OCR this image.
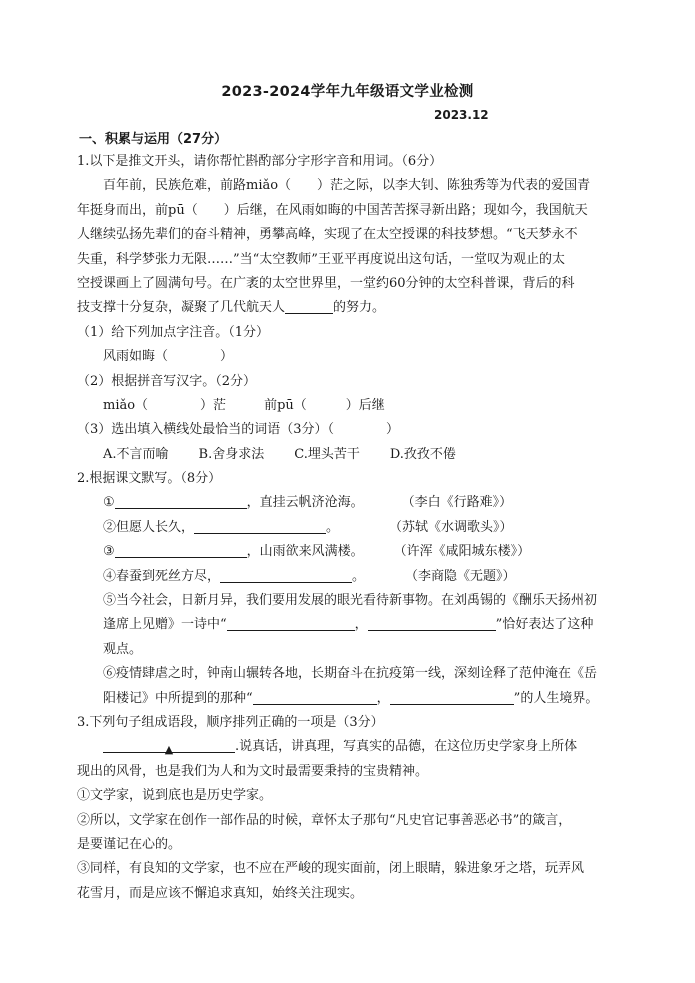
2023-2024学年九年级语文学业检测
2023.12
一、积累与运用（27分）
1.以下是推文开头，请你帮忙斟酌部分字形字音和用词。（6分）
百年前，民族危难，前路miǎo（　　）茫之际，以李大钊、陈独秀等为代表的爱国青
年挺身而出，前pū（　　）后继，在风雨如晦的中国苦苦探寻新出路；现如今，我国航天
人继续弘扬先辈们的奋斗精神，勇攀高峰，实现了在太空授课的科技梦想。“飞天梦永不
失重，科学梦张力无限……”当“太空教师”王亚平再度说出这句话，一堂叹为观止的太
空授课画上了圆满句号。在广袤的太空世界里，一堂约60分钟的太空科普课，背后的科
技支撑十分复杂，凝聚了几代航天人	的努力。
（1）给下列加点字注音。（1分）
风雨如晦（　　　　）
（2）根据拼音写汉字。（2分）
miǎo（　　　　）茫	前pū（　　　）后继
（3）选出填入横线处最恰当的词语（3分）（　　　　）
A.不言而喻 B.舍身求法 C.埋头苦干 D.孜孜不倦
2.根据课文默写。（8分）
①	，直挂云帆济沧海。	（李白《行路难》）
②但愿人长久，	。	（苏轼《水调歌头》）
③	，山雨欲来风满楼。 （许浑《咸阳城东楼》）
④春蚕到死丝方尽，	。	（李商隐《无题》）
⑤当今社会，日新月异，我们要用发展的眼光看待新事物。在刘禹锡的《酬乐天扬州初
逢席上见赠》一诗中“	，	”恰好表达了这种
观点。
⑥疫情肆虐之时，钟南山辗转各地，长期奋斗在抗疫第一线，深刻诠释了范仲淹在《岳
阳楼记》中所提到的那种“	，	”的人生境界。
3.下列句子组成语段，顺序排列正确的一项是（3分）
▲	.说真话，讲真理，写真实的品德，在这位历史学家身上所体
现出的风骨，也是我们为人和为文时最需要秉持的宝贵精神。
①文学家，说到底也是历史学家。
②所以，文学家在创作一部作品的时候，章怀太子那句“凡史官记事善恶必书”的箴言，
是要谨记在心的。
③同样，有良知的文学家，也不应在严峻的现实面前，闭上眼睛，躲进象牙之塔，玩弄风
花雪月，而是应该不懈追求真知，始终关注现实。
